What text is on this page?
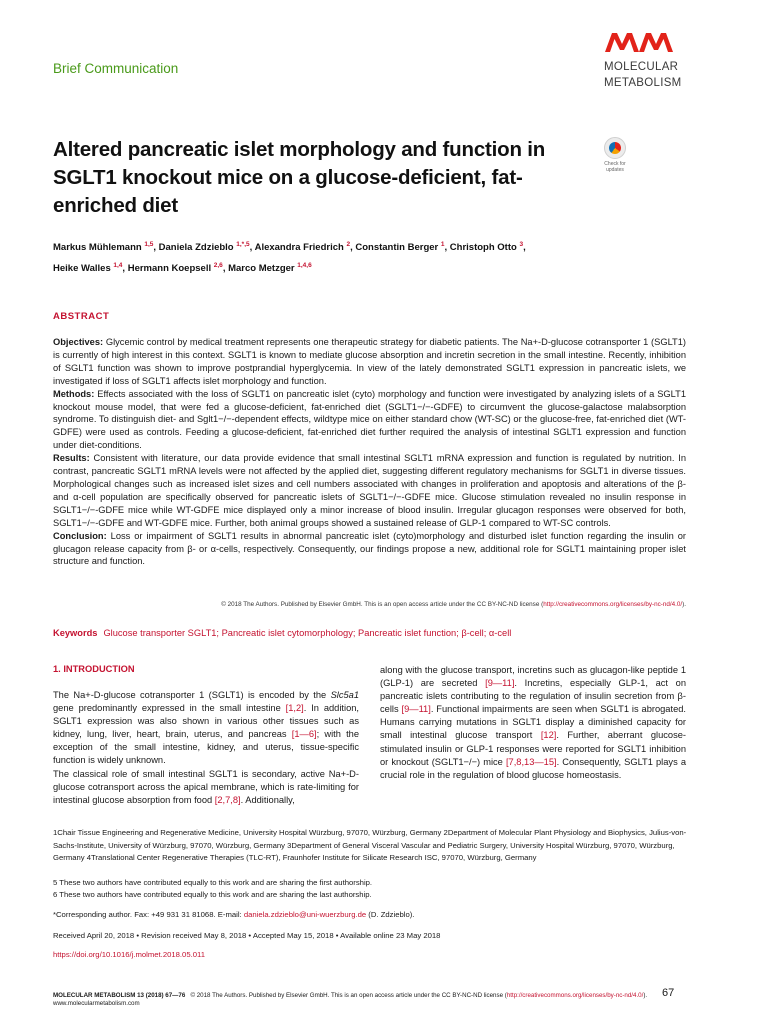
Brief Communication	MOLECULAR
METABOLISM
Altered pancreatic islet morphology and function in SGLT1 knockout mice on a glucose-deficient, fat-enriched diet
Check for updates
Markus Mühlemann $^{1,5}$, Daniela Zdzieblo $^{1,*,5}$, Alexandra Friedrich $^2$, Constantin Berger $^1$, Christoph Otto $^3$,
Heike Walles $^{1,4}$, Hermann Koepsell $^{2,6}$, Marco Metzger $^{1,4,6}$
ABSTRACT

Objectives: Glycemic control by medical treatment represents one therapeutic strategy for diabetic patients. The Na+-D-glucose cotransporter 1 (SGLT1) is currently of high interest in this context. SGLT1 is known to mediate glucose absorption and incretin secretion in the small intestine. Recently, inhibition of SGLT1 function was shown to improve postprandial hyperglycemia. In view of the lately demonstrated SGLT1 expression in pancreatic islets, we investigated if loss of SGLT1 affects islet morphology and function.

Methods: Effects associated with the loss of SGLT1 on pancreatic islet (cyto) morphology and function were investigated by analyzing islets of a SGLT1 knockout mouse model, that were fed a glucose-deficient, fat-enriched diet (SGLT1−/−-GDFE) to circumvent the glucose-galactose malabsorption syndrome. To distinguish diet- and Sglt1−/−-dependent effects, wildtype mice on either standard chow (WT-SC) or the glucose-free, fat-enriched diet (WT-GDFE) were used as controls. Feeding a glucose-deficient, fat-enriched diet further required the analysis of intestinal SGLT1 expression and function under diet-conditions.

Results: Consistent with literature, our data provide evidence that small intestinal SGLT1 mRNA expression and function is regulated by nutrition. In contrast, pancreatic SGLT1 mRNA levels were not affected by the applied diet, suggesting different regulatory mechanisms for SGLT1 in diverse tissues. Morphological changes such as increased islet sizes and cell numbers associated with changes in proliferation and apoptosis and alterations of the β- and α-cell population are specifically observed for pancreatic islets of SGLT1−/−-GDFE mice. Glucose stimulation revealed no insulin response in SGLT1−/−-GDFE mice while WT-GDFE mice displayed only a minor increase of blood insulin. Irregular glucagon responses were observed for both, SGLT1−/−-GDFE and WT-GDFE mice. Further, both animal groups showed a sustained release of GLP-1 compared to WT-SC controls.

Conclusion: Loss or impairment of SGLT1 results in abnormal pancreatic islet (cyto)morphology and disturbed islet function regarding the insulin or glucagon release capacity from β- or α-cells, respectively. Consequently, our findings propose a new, additional role for SGLT1 maintaining proper islet structure and function.

© 2018 The Authors. Published by Elsevier GmbH. This is an open access article under the CC BY-NC-ND license (http://creativecommons.org/licenses/by-nc-nd/4.0/).
Keywords Glucose transporter SGLT1; Pancreatic islet cytomorphology; Pancreatic islet function; β-cell; α-cell
1. INTRODUCTION

The Na+-D-glucose cotransporter 1 (SGLT1) is encoded by the Slc5a1 gene predominantly expressed in the small intestine [1,2]. In addition, SGLT1 expression was also shown in various other tissues such as kidney, lung, liver, heart, brain, uterus, and pancreas [1—6]; with the exception of the small intestine, kidney, and uterus, tissue-specific function is widely unknown.

The classical role of small intestinal SGLT1 is secondary, active Na+-D-glucose cotransport across the apical membrane, which is rate-limiting for intestinal glucose absorption from food [2,7,8]. Additionally,

along with the glucose transport, incretins such as glucagon-like peptide 1 (GLP-1) are secreted [9—11]. Incretins, especially GLP-1, act on pancreatic islets contributing to the regulation of insulin secretion from β-cells [9—11]. Functional impairments are seen when SGLT1 is abrogated. Humans carrying mutations in SGLT1 display a diminished capacity for small intestinal glucose transport [12]. Further, aberrant glucose-stimulated insulin or GLP-1 responses were reported for SGLT1 inhibition or knockout (SGLT1−/−) mice [7,8,13—15]. Consequently, SGLT1 plays a crucial role in the regulation of blood glucose homeostasis.

1Chair Tissue Engineering and Regenerative Medicine, University Hospital Würzburg, 97070, Würzburg, Germany 2Department of Molecular Plant Physiology and Biophysics, Julius-von-Sachs-Institute, University of Würzburg, 97070, Würzburg, Germany 3Department of General Visceral Vascular and Pediatric Surgery, University Hospital Würzburg, 97070, Würzburg, Germany 4Translational Center Regenerative Therapies (TLC-RT), Fraunhofer Institute for Silicate Research ISC, 97070, Würzburg, Germany
5 These two authors have contributed equally to this work and are sharing the first authorship.
6 These two authors have contributed equally to this work and are sharing the last authorship.
*Corresponding author. Fax: +49 931 31 81068. E-mail: daniela.zdzieblo@uni-wuerzburg.de (D. Zdzieblo).
Received April 20, 2018 • Revision received May 8, 2018 • Accepted May 15, 2018 • Available online 23 May 2018
https://doi.org/10.1016/j.molmet.2018.05.011
MOLECULAR METABOLISM 13 (2018) 67—76 © 2018 The Authors. Published by Elsevier GmbH. This is an open access article under the CC BY-NC-ND license (http://creativecommons.org/licenses/by-nc-nd/4.0/).
www.molecularmetabolism.com
67
